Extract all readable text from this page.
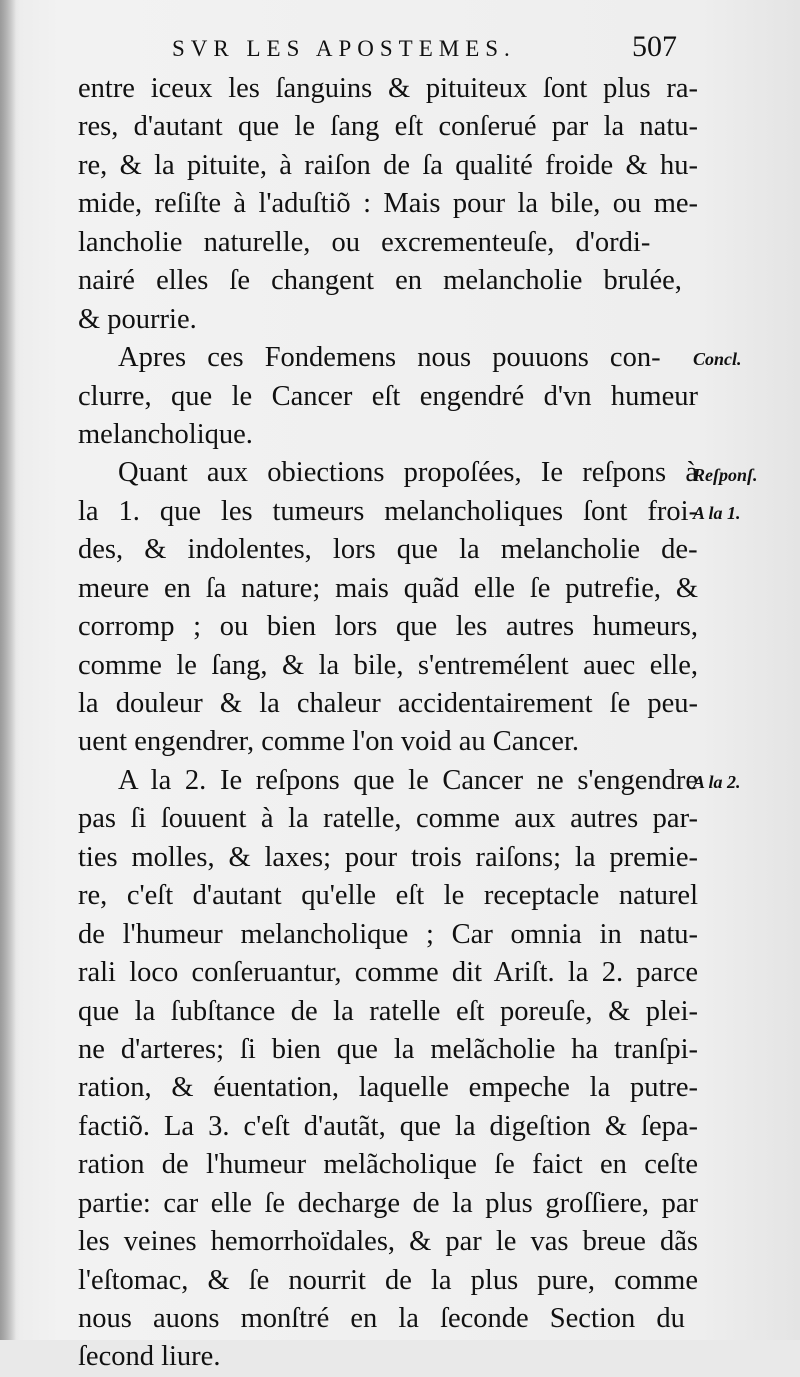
SVR LES APOSTEMES.	507
entre iceux les ſanguins & pituiteux ſont plus ra-
res, d'autant que le ſang eſt conſerué par la natu-
re, & la pituite, à raiſon de ſa qualité froide & hu-
mide, reſiſte à l'aduſtiõ : Mais pour la bile, ou me-
lancholie naturelle, ou excrementeuſe, d'ordi-
nairé elles ſe changent en melancholie brulée,
& pourrie.
Apres ces Fondemens nous pouuons con-
clurre, que le Cancer eſt engendré d'vn humeur
melancholique.
Quant aux obiections propoſées, Ie reſpons à
la 1. que les tumeurs melancholiques ſont froi-
des, & indolentes, lors que la melancholie de-
meure en ſa nature; mais quãd elle ſe putrefie, &
corromp ; ou bien lors que les autres humeurs,
comme le ſang, & la bile, s'entremélent auec elle,
la douleur & la chaleur accidentairement ſe peu-
uent engendrer, comme l'on void au Cancer.
A la 2. Ie reſpons que le Cancer ne s'engendre
pas ſi ſouuent à la ratelle, comme aux autres par-
ties molles, & laxes; pour trois raiſons; la premie-
re, c'eſt d'autant qu'elle eſt le receptacle naturel
de l'humeur melancholique ; Car omnia in natu-
rali loco conſeruantur, comme dit Ariſt. la 2. parce
que la ſubſtance de la ratelle eſt poreuſe, & plei-
ne d'arteres; ſi bien que la melãcholie ha tranſpi-
ration, & éuentation, laquelle empeche la putre-
factiõ. La 3. c'eſt d'autãt, que la digeſtion & ſepa-
ration de l'humeur melãcholique ſe faict en ceſte
partie: car elle ſe decharge de la plus groſſiere, par
les veines hemorrhoïdales, & par le vas breue dãs
l'eſtomac, & ſe nourrit de la plus pure, comme
nous auons monſtré en la ſeconde Section du
ſecond liure.
Concl.
Reſponſ.
A la 1.
A la 2.
